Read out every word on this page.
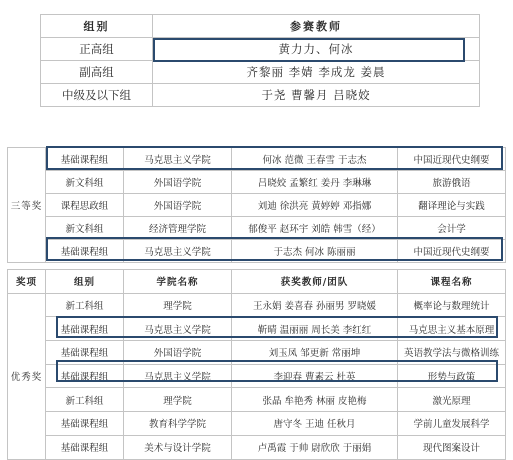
组别	参赛教师
正高组	黄力力、何冰
副高组	齐黎丽 李婧 李成龙 姜晨
中级及以下组	于尧 曹馨月 吕晓姣
三等奖	基础课程组	马克思主义学院	何冰 范微 王春雪 于志杰	中国近现代史纲要
	新文科组	外国语学院	吕晓姣 孟繁红 姜丹 李琳琳	旅游俄语
	课程思政组	外国语学院	刘迪 徐洪亮 黄婷婷 邓指娜	翻译理论与实践
	新文科组	经济管理学院	郁俊平 赵环宇 刘皓 韩雪（经）	会计学
	基础课程组	马克思主义学院	于志杰 何冰 陈丽丽	中国近现代史纲要
奖项	组别	学院名称	获奖教师/团队	课程名称
优秀奖	新工科组	理学院	王永娟 姜喜春 孙丽男 罗晓媛	概率论与数理统计
	基础课程组	马克思主义学院	靳晴 温丽丽 周长美 李红红	马克思主义基本原理
	基础课程组	外国语学院	刘玉凤 邹更新 常丽坤	英语教学法与微格训练
	基础课程组	马克思主义学院	李迎春 曹素云 杜英	形势与政策
	新工科组	理学院	张晶 牟艳秀 林丽 皮艳梅	激光原理
	基础课程组	教育科学学院	唐守冬 王迪 任秋月	学前儿童发展科学
	基础课程组	美术与设计学院	卢禹霞 于帅 尉欣欣 于丽娟	现代图案设计
